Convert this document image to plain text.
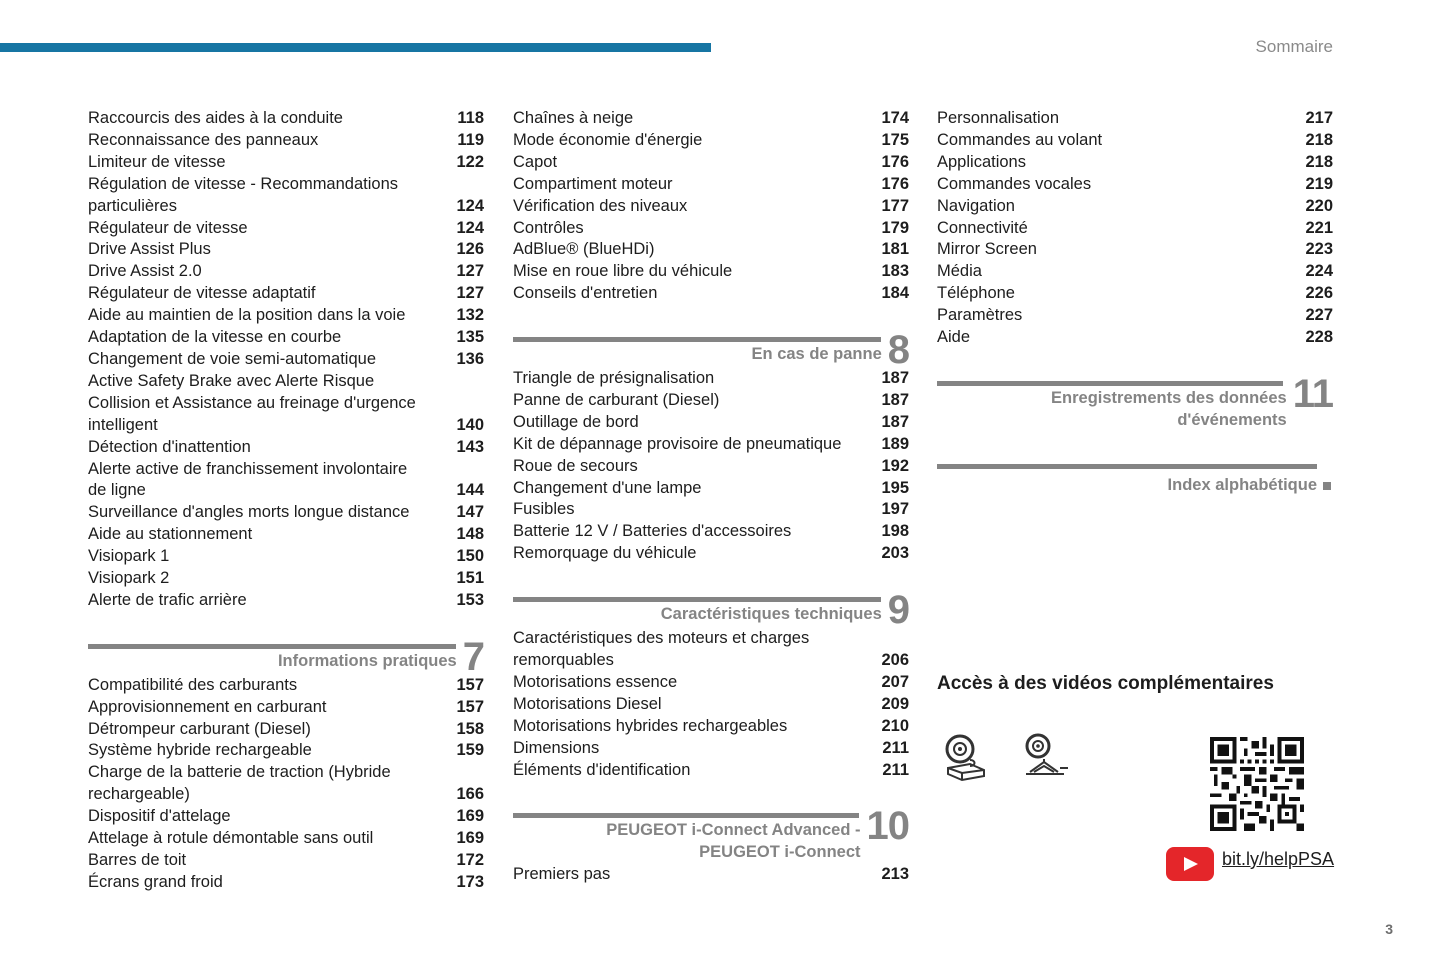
Sommaire
Raccourcis des aides à la conduite	118
Reconnaissance des panneaux	119
Limiteur de vitesse	122
Régulation de vitesse - Recommandations
particulières	124
Régulateur de vitesse	124
Drive Assist Plus	126
Drive Assist 2.0	127
Régulateur de vitesse adaptatif	127
Aide au maintien de la position dans la voie	132
Adaptation de la vitesse en courbe	135
Changement de voie semi-automatique	136
Active Safety Brake avec Alerte Risque
Collision et Assistance au freinage d'urgence
intelligent	140
Détection d'inattention	143
Alerte active de franchissement involontaire
de ligne	144
Surveillance d'angles morts longue distance	147
Aide au stationnement	148
Visiopark 1	150
Visiopark 2	151
Alerte de trafic arrière	153
Informations pratiques 7
Compatibilité des carburants	157
Approvisionnement en carburant	157
Détrompeur carburant (Diesel)	158
Système hybride rechargeable	159
Charge de la batterie de traction (Hybride
rechargeable)	166
Dispositif d'attelage	169
Attelage à rotule démontable sans outil	169
Barres de toit	172
Écrans grand froid	173
Chaînes à neige	174
Mode économie d'énergie	175
Capot	176
Compartiment moteur	176
Vérification des niveaux	177
Contrôles	179
AdBlue® (BlueHDi)	181
Mise en roue libre du véhicule	183
Conseils d'entretien	184
En cas de panne 8
Triangle de présignalisation	187
Panne de carburant (Diesel)	187
Outillage de bord	187
Kit de dépannage provisoire de pneumatique	189
Roue de secours	192
Changement d'une lampe	195
Fusibles	197
Batterie 12 V / Batteries d'accessoires	198
Remorquage du véhicule	203
Caractéristiques techniques 9
Caractéristiques des moteurs et charges
remorquables	206
Motorisations essence	207
Motorisations Diesel	209
Motorisations hybrides rechargeables	210
Dimensions	211
Éléments d'identification	211
PEUGEOT i-Connect Advanced -
PEUGEOT i-Connect
10
Premiers pas	213
Personnalisation	217
Commandes au volant	218
Applications	218
Commandes vocales	219
Navigation	220
Connectivité	221
Mirror Screen	223
Média	224
Téléphone	226
Paramètres	227
Aide	228
Enregistrements des données
d'événements
11
Index alphabétique
Accès à des vidéos complémentaires
bit.ly/helpPSA
3
